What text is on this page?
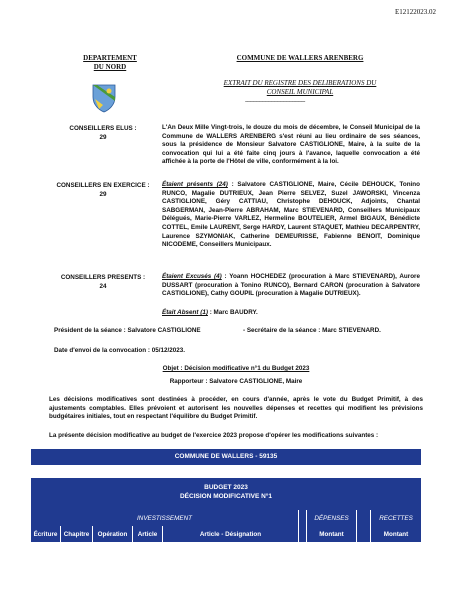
E12122023.02
DEPARTEMENT
DU NORD
COMMUNE DE WALLERS ARENBERG
EXTRAIT DU REGISTRE DES DELIBERATIONS DU
CONSEIL MUNICIPAL
----------------------------------------
CONSEILLERS ELUS :
29
L'An Deux Mille Vingt-trois, le douze du mois de décembre, le Conseil Municipal de la Commune de WALLERS ARENBERG s'est réuni au lieu ordinaire de ses séances, sous la présidence de Monsieur Salvatore CASTIGLIONE, Maire, à la suite de la convocation qui lui a été faite cinq jours à l'avance, laquelle convocation a été affichée à la porte de l'Hôtel de ville, conformément à la loi.
CONSEILLERS EN EXERCICE :
29
Étaient présents (24) : Salvatore CASTIGLIONE, Maire, Cécile DEHOUCK, Tonino RUNCO, Magalie DUTRIEUX, Jean Pierre SELVEZ, Suzel JAWORSKI, Vincenza CASTIGLIONE, Géry CATTIAU, Christophe DEHOUCK, Adjoints, Chantal SABGERMAN, Jean-Pierre ABRAHAM, Marc STIEVENARD, Conseillers Municipaux Délégués, Marie-Pierre VARLEZ, Hermeline BOUTELIER, Armel BIGAUX, Bénédicte COTTEL, Emile LAURENT, Serge HARDY, Laurent STAQUET, Mathieu DECARPENTRY, Laurence SZYMONIAK, Catherine DEMEURISSE, Fabienne BENOIT, Dominique NICODEME, Conseillers Municipaux.
CONSEILLERS PRESENTS :
24
Étaient Excusés (4) : Yoann HOCHEDEZ (procuration à Marc STIEVENARD), Aurore DUSSART (procuration à Tonino RUNCO), Bernard CARON (procuration à Salvatore CASTIGLIONE), Cathy GOUPIL (procuration à Magalie DUTRIEUX).
Était Absent (1) : Marc BAUDRY.
Président de la séance : Salvatore CASTIGLIONE	- Secrétaire de la séance : Marc STIEVENARD.
Date d'envoi de la convocation : 05/12/2023.
Objet : Décision modificative n°1 du Budget 2023
Rapporteur : Salvatore CASTIGLIONE, Maire
Les décisions modificatives sont destinées à procéder, en cours d'année, après le vote du Budget Primitif, à des ajustements comptables. Elles prévoient et autorisent les nouvelles dépenses et recettes qui modifient les prévisions budgétaires initiales, tout en respectant l'équilibre du Budget Primitif.
La présente décision modificative au budget de l'exercice 2023 propose d'opérer les modifications suivantes :
COMMUNE DE WALLERS - 59135
BUDGET 2023
DÉCISION MODIFICATIVE N°1
INVESTISSEMENT	DÉPENSES	RECETTES
Écriture	Chapitre	Opération	Article	Article - Désignation	Montant	Montant
